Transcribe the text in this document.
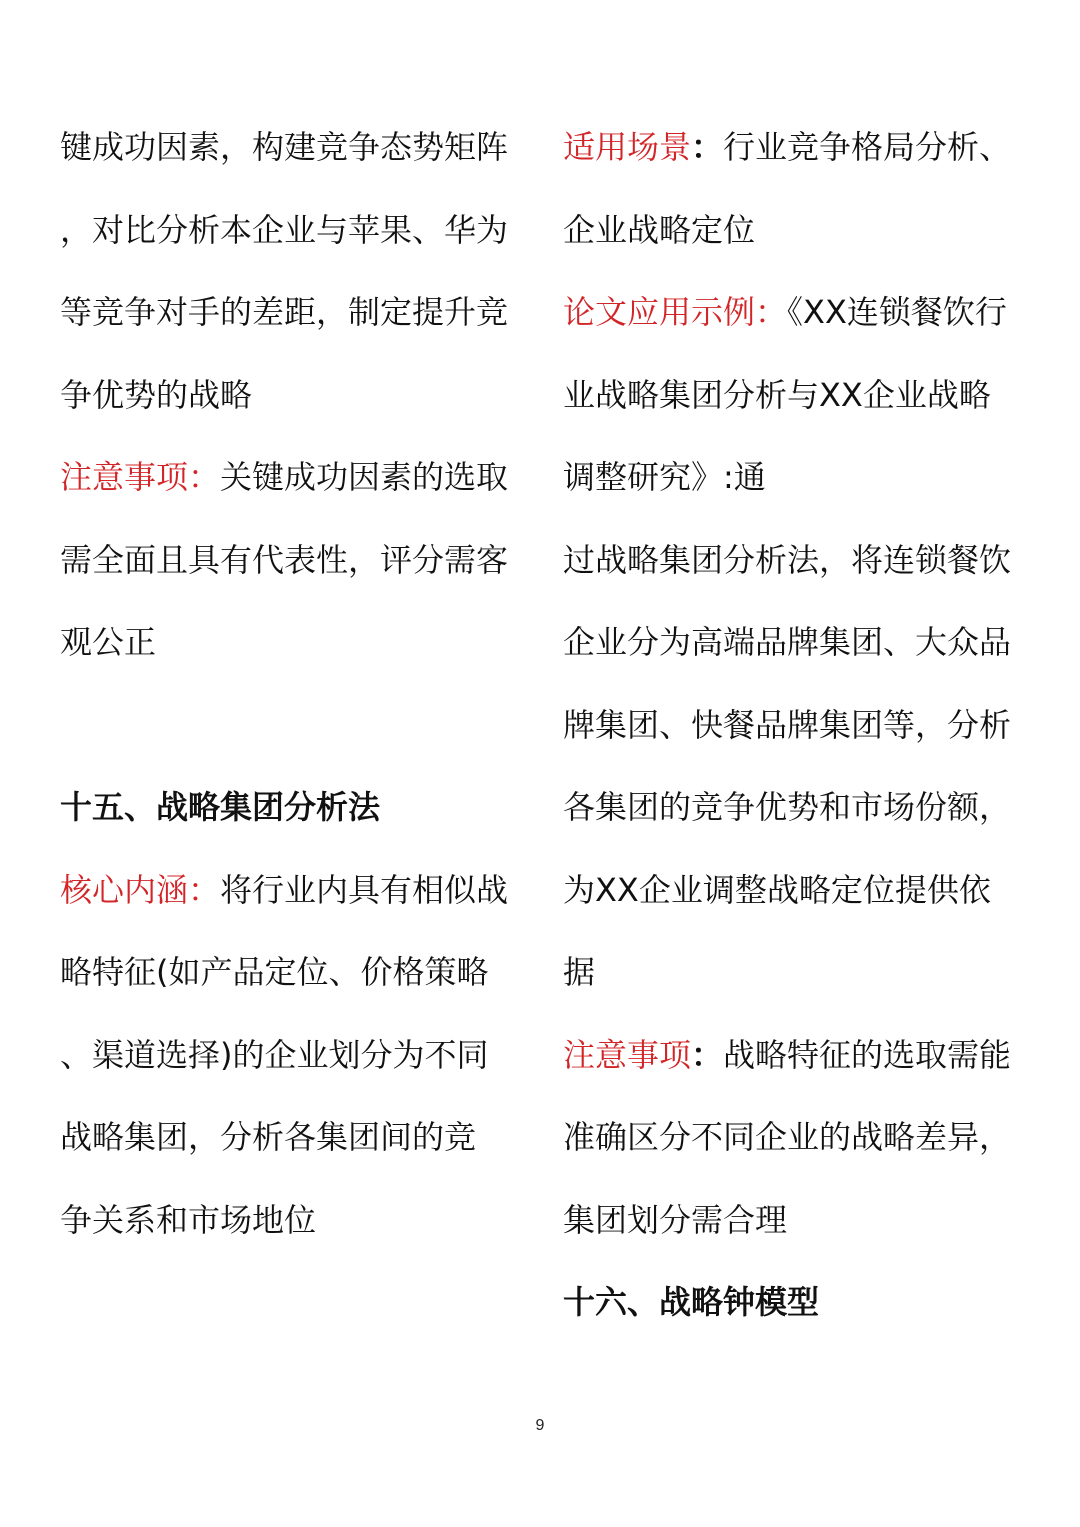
键成功因素，构建竞争态势矩阵
，对比分析本企业与苹果、华为
等竞争对手的差距，制定提升竞
争优势的战略
注意事项：关键成功因素的选取
需全面且具有代表性，评分需客
观公正
十五、战略集团分析法
核心内涵：将行业内具有相似战
略特征(如产品定位、价格策略
、渠道选择)的企业划分为不同
战略集团，分析各集团间的竞
争关系和市场地位
适用场景：行业竞争格局分析、
企业战略定位
论文应用示例：《XX连锁餐饮行
业战略集团分析与XX企业战略
调整研究》:通
过战略集团分析法，将连锁餐饮
企业分为高端品牌集团、大众品
牌集团、快餐品牌集团等，分析
各集团的竞争优势和市场份额，
为XX企业调整战略定位提供依
据
注意事项：战略特征的选取需能
准确区分不同企业的战略差异，
集团划分需合理
十六、战略钟模型
9
